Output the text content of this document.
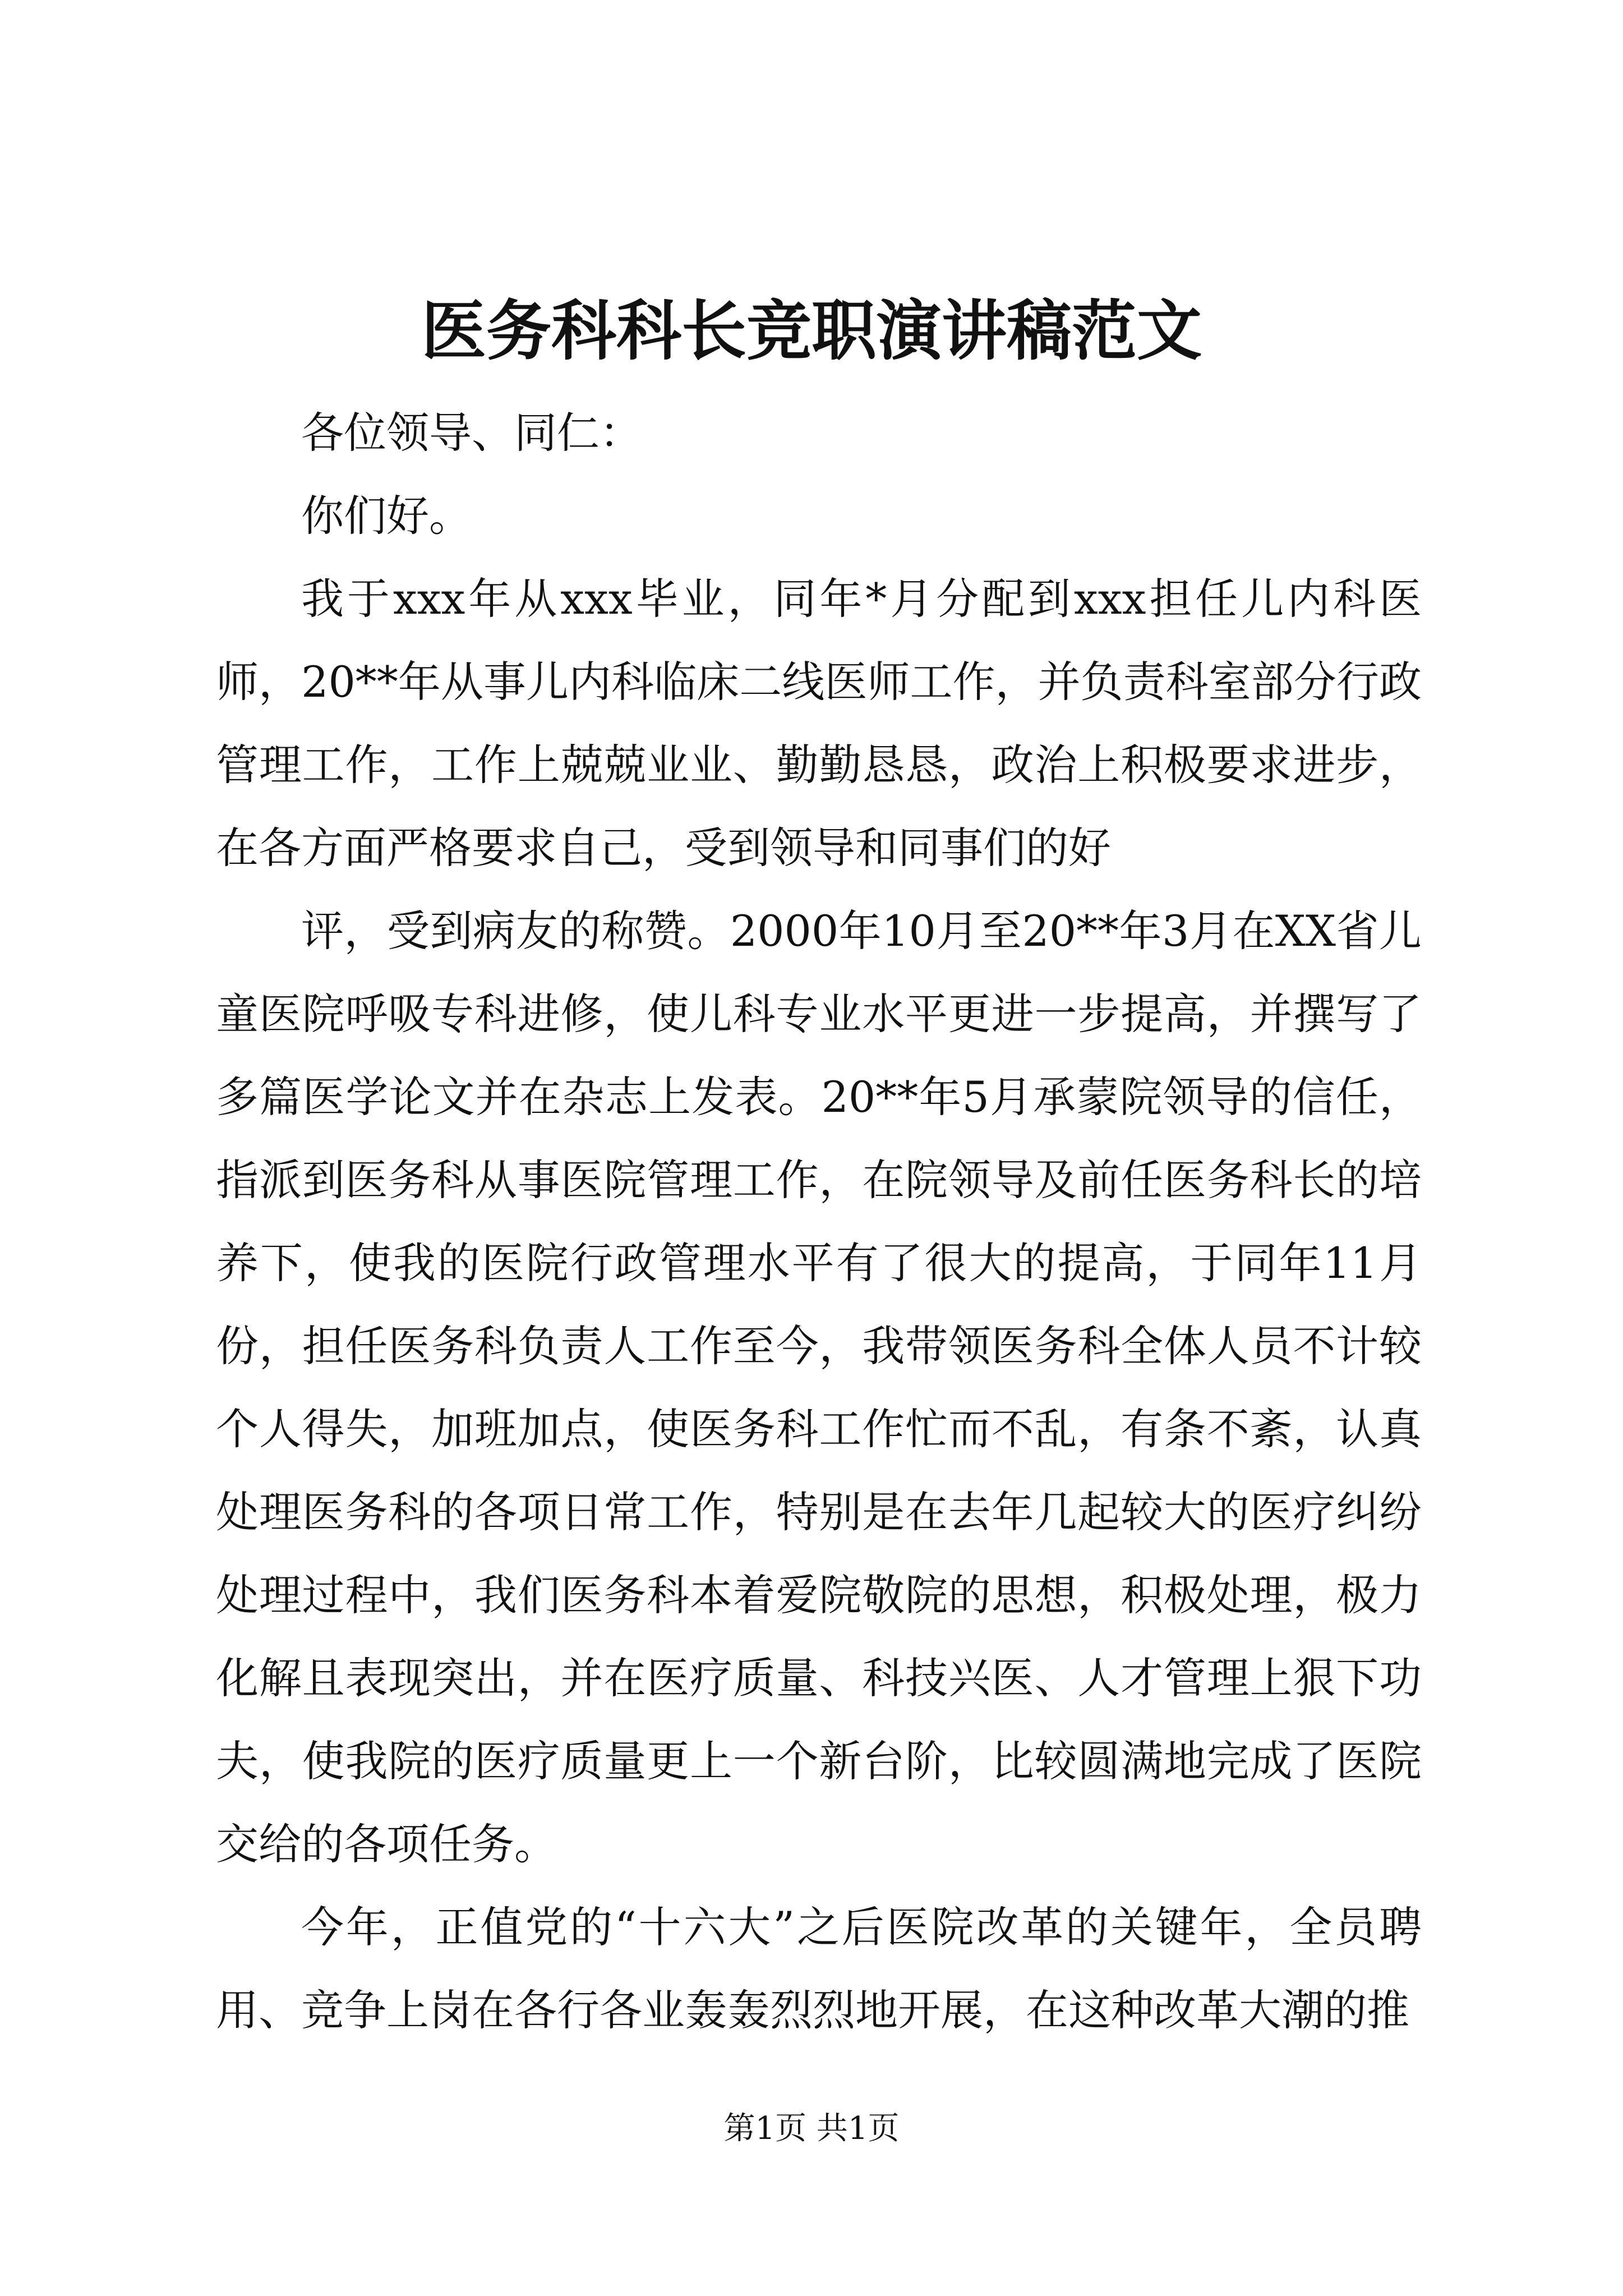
医务科科长竞职演讲稿范文

各位领导、同仁：

你们好。

我于xxx年从xxx毕业，同年*月分配到xxx担任儿内科医师，20**年从事儿内科临床二线医师工作，并负责科室部分行政管理工作，工作上兢兢业业、勤勤恳恳，政治上积极要求进步，在各方面严格要求自己，受到领导和同事们的好

评，受到病友的称赞。2000年10月至20**年3月在XX省儿童医院呼吸专科进修，使儿科专业水平更进一步提高，并撰写了多篇医学论文并在杂志上发表。20**年5月承蒙院领导的信任，指派到医务科从事医院管理工作，在院领导及前任医务科长的培养下，使我的医院行政管理水平有了很大的提高，于同年11月份，担任医务科负责人工作至今，我带领医务科全体人员不计较个人得失，加班加点，使医务科工作忙而不乱，有条不紊，认真处理医务科的各项日常工作，特别是在去年几起较大的医疗纠纷处理过程中，我们医务科本着爱院敬院的思想，积极处理，极力化解且表现突出，并在医疗质量、科技兴医、人才管理上狠下功夫，使我院的医疗质量更上一个新台阶，比较圆满地完成了医院交给的各项任务。

今年，正值党的“十六大”之后医院改革的关键年，全员聘用、竞争上岗在各行各业轰轰烈烈地开展，在这种改革大潮的推

第1页 共1页
